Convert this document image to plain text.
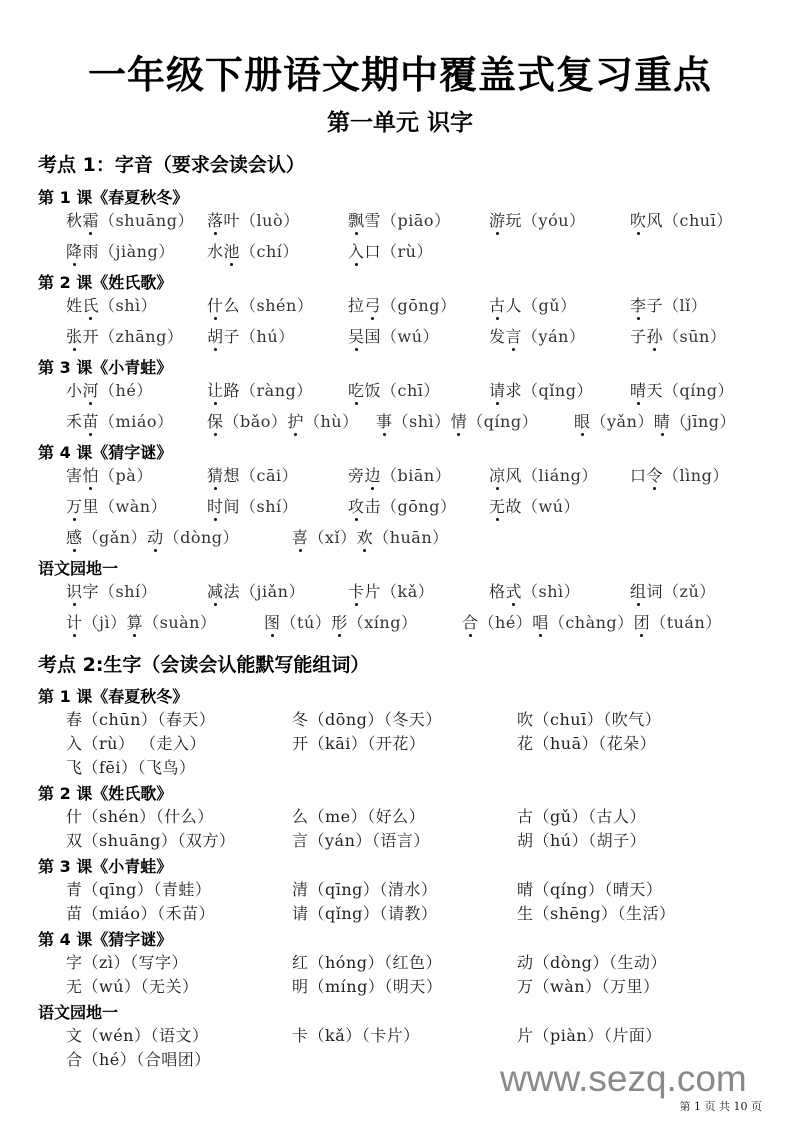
一年级下册语文期中覆盖式复习重点
第一单元 识字
考点 1：字音（要求会读会认）
第 1 课《春夏秋冬》
秋霜（shuāng） 落叶（luò）	飘雪（piāo） 游玩（yóu）	吹风（chuī）
降雨（jiàng） 水池（chí）	入口（rù）
第 2 课《姓氏歌》
姓氏（shì）	什么（shén） 拉弓（gōng） 古人（gǔ）	李子（lǐ）
张开（zhāng） 胡子（hú）	吴国（wú）	发言（yán）	子孙（sūn）
第 3 课《小青蛙》
小河（hé）	让路（ràng） 吃饭（chī）	请求（qǐng） 晴天（qíng）
禾苗（miáo） 保（bǎo）护（hù） 事（shì）情（qíng） 眼（yǎn）睛（jīng）
第 4 课《猜字谜》
害怕（pà）	猜想（cāi）	旁边（biān） 凉风（liáng） 口令（lìng）
万里（wàn） 时间（shí）	攻击（gōng） 无故（wú）
感（gǎn）动（dòng）	喜（xǐ）欢（huān）
语文园地一
识字（shí）	减法（jiǎn）	卡片（kǎ）	格式（shì）	组词（zǔ）
计（jì）算（suàn）	图（tú）形（xíng）	合（hé）唱（chàng）团（tuán）
考点 2:生字（会读会认能默写能组词）
第 1 课《春夏秋冬》
春（chūn）（春天）	冬（dōng）（冬天）	吹（chuī）（吹气）
入（rù） （走入）	开（kāi）（开花）	花（huā）（花朵）
飞（fēi）（飞鸟）
第 2 课《姓氏歌》
什（shén）（什么）	么（me）（好么）	古（gǔ）（古人）
双（shuāng）（双方）	言（yán）（语言）	胡（hú）（胡子）
第 3 课《小青蛙》
青（qīng）（青蛙）	清（qīng）（清水）	晴（qíng）（晴天）
苗（miáo）（禾苗）	请（qǐng）（请教）	生（shēng）（生活）
第 4 课《猜字谜》
字（zì）（写字）	红（hóng）（红色）	动（dòng）（生动）
无（wú）（无关）	明（míng）（明天）	万（wàn）（万里）
语文园地一
文（wén）（语文）	卡（kǎ）（卡片）	片（piàn）（片面）
合（hé）（合唱团）	www.sezq.com
第 1 页 共 10 页
